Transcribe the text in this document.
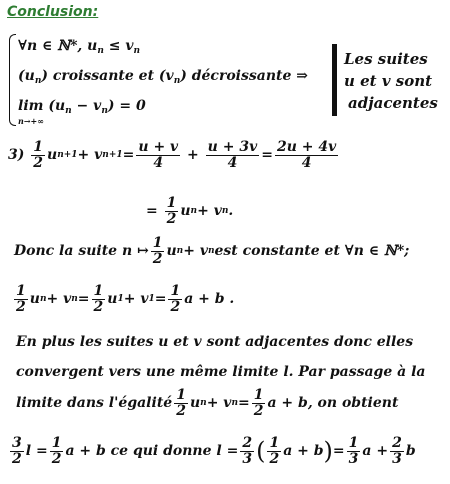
Conclusion:
∀n ∈ ℕ*, $u_n \le v_n$
$(u_n)$ croissante et $(v_n)$ décroissante ⇒
$\lim (u_n - v_n) = 0$
n→+∞
Les suites
u et v sont
adjacentes
3)
$\frac{1}{2}$ u n+1 + v $n+1 = \frac{u + v}{4} + \frac{u + 3v}{4} = \frac{2u + 4v}{4}$
=
$\frac{1}{2}$ u n + v n .
Donc la suite n ↦ $\frac{1}{2}$ u n + v n est constante et ∀n ∈ ℕ*;
$\frac{1}{2}$ u n + v $n = \frac{1}{2}$ u 1 + v $1 = \frac{1}{2}$ a + b .
En plus les suites u et v sont adjacentes donc elles
convergent vers une même limite l. Par passage à la
limite dans l'égalité $\frac{1}{2}$ u n + v $n = \frac{1}{2}$ a + b , on obtient
$\frac{3}{2}$ $l = \frac{1}{2}$ a + b ce qui donne $l = \frac{2}{3}$ ( $\frac{1}{2}$ a + b ) = $\frac{1}{3}$ $a + \frac{2}{3}$ b
